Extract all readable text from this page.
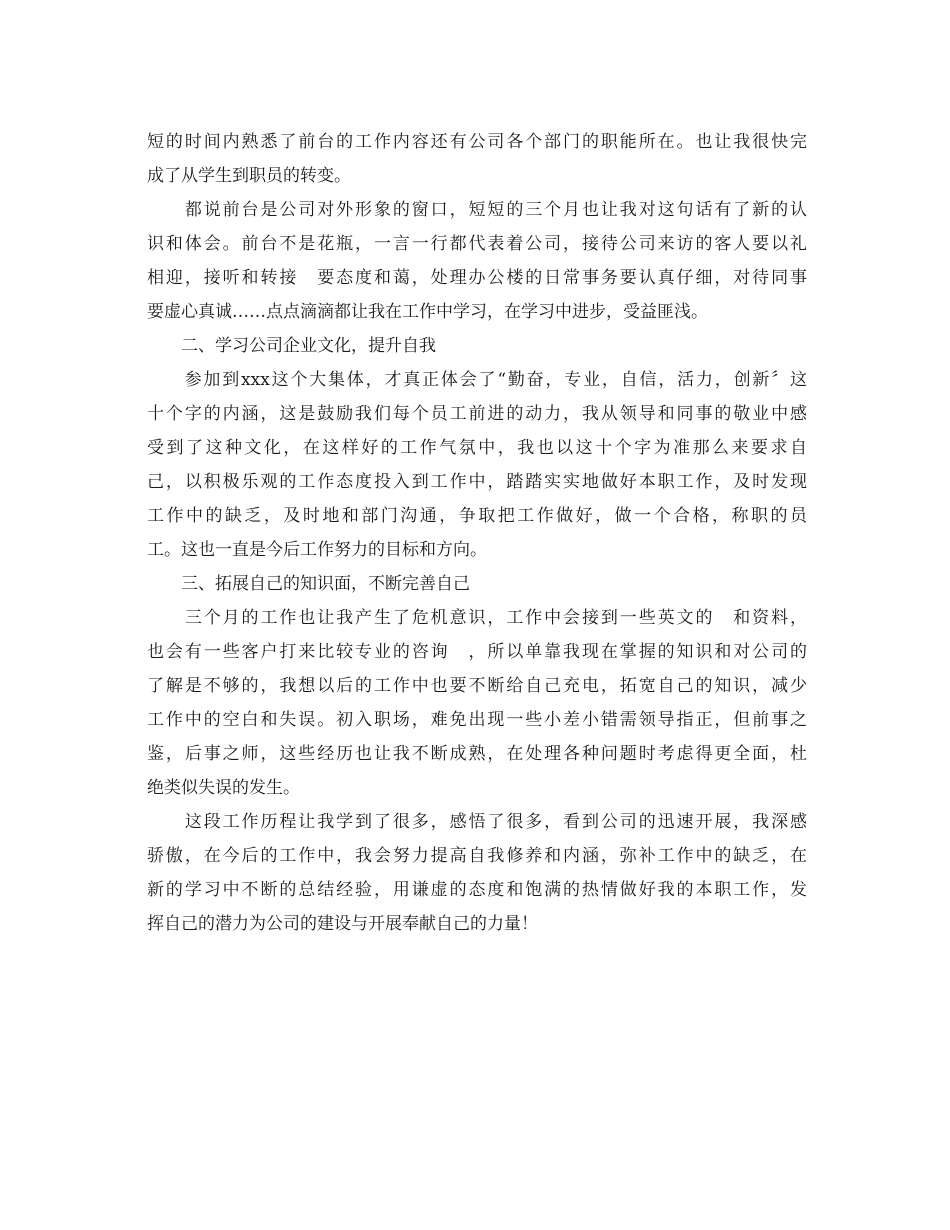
短的时间内熟悉了前台的工作内容还有公司各个部门的职能所在。也让我很快完
成了从学生到职员的转变。
　　都说前台是公司对外形象的窗口，短短的三个月也让我对这句话有了新的认
识和体会。前台不是花瓶，一言一行都代表着公司，接待公司来访的客人要以礼
相迎，接听和转接　要态度和蔼，处理办公楼的日常事务要认真仔细，对待同事
要虚心真诚……点点滴滴都让我在工作中学习，在学习中进步，受益匪浅。
　　二、学习公司企业文化，提升自我
　　参加到xxx这个大集体，才真正体会了“勤奋，专业，自信，活力，创新〞这
十个字的内涵，这是鼓励我们每个员工前进的动力，我从领导和同事的敬业中感
受到了这种文化，在这样好的工作气氛中，我也以这十个字为准那么来要求自
己，以积极乐观的工作态度投入到工作中，踏踏实实地做好本职工作，及时发现
工作中的缺乏，及时地和部门沟通，争取把工作做好，做一个合格，称职的员
工。这也一直是今后工作努力的目标和方向。
　　三、拓展自己的知识面，不断完善自己
　　三个月的工作也让我产生了危机意识，工作中会接到一些英文的　和资料，
也会有一些客户打来比较专业的咨询　，所以单靠我现在掌握的知识和对公司的
了解是不够的，我想以后的工作中也要不断给自己充电，拓宽自己的知识，减少
工作中的空白和失误。初入职场，难免出现一些小差小错需领导指正，但前事之
鉴，后事之师，这些经历也让我不断成熟，在处理各种问题时考虑得更全面，杜
绝类似失误的发生。
　　这段工作历程让我学到了很多，感悟了很多，看到公司的迅速开展，我深感
骄傲，在今后的工作中，我会努力提高自我修养和内涵，弥补工作中的缺乏，在
新的学习中不断的总结经验，用谦虚的态度和饱满的热情做好我的本职工作，发
挥自己的潜力为公司的建设与开展奉献自己的力量！
